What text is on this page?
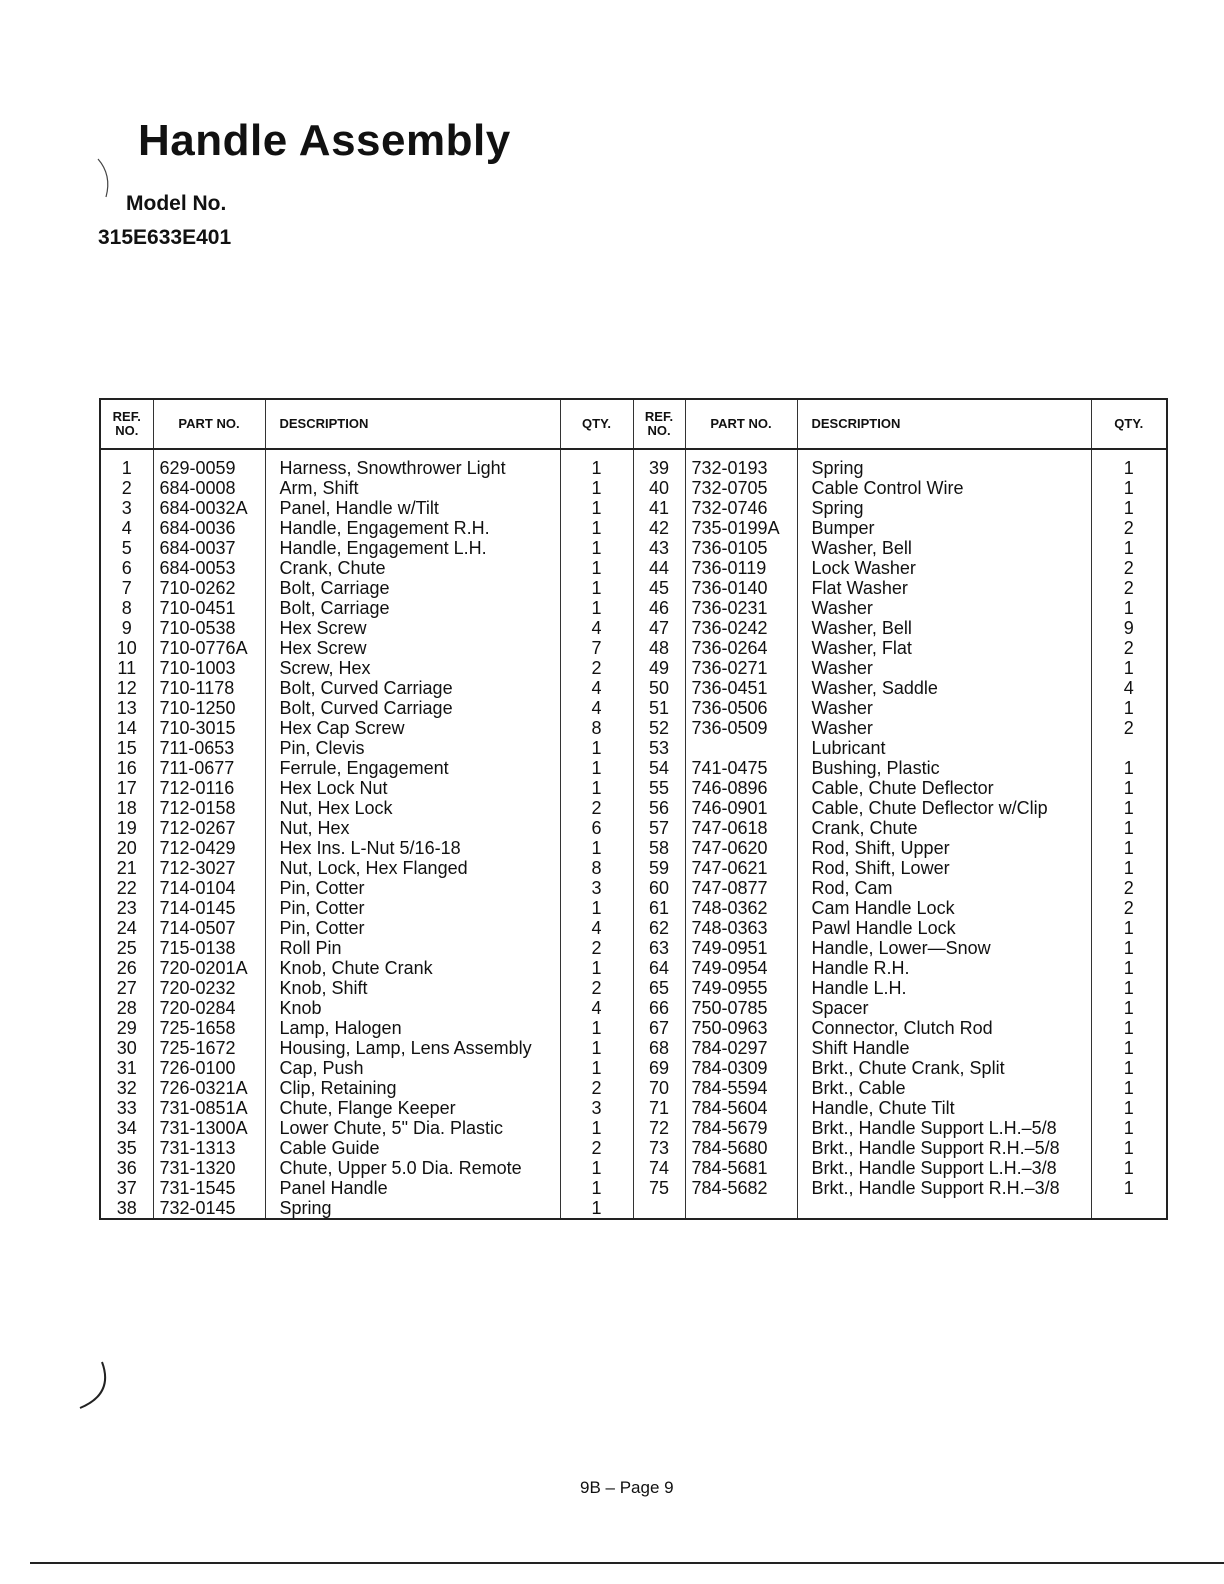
Handle Assembly
Model No.
315E633E401
REF. NO.	PART NO.	DESCRIPTION	QTY.	REF. NO.	PART NO.	DESCRIPTION	QTY.
1	629-0059	Harness, Snowthrower Light	1	39	732-0193	Spring	1
2	684-0008	Arm, Shift	1	40	732-0705	Cable Control Wire	1
3	684-0032A	Panel, Handle w/Tilt	1	41	732-0746	Spring	1
4	684-0036	Handle, Engagement R.H.	1	42	735-0199A	Bumper	2
5	684-0037	Handle, Engagement L.H.	1	43	736-0105	Washer, Bell	1
6	684-0053	Crank, Chute	1	44	736-0119	Lock Washer	2
7	710-0262	Bolt, Carriage	1	45	736-0140	Flat Washer	2
8	710-0451	Bolt, Carriage	1	46	736-0231	Washer	1
9	710-0538	Hex Screw	4	47	736-0242	Washer, Bell	9
10	710-0776A	Hex Screw	7	48	736-0264	Washer, Flat	2
11	710-1003	Screw, Hex	2	49	736-0271	Washer	1
12	710-1178	Bolt, Curved Carriage	4	50	736-0451	Washer, Saddle	4
13	710-1250	Bolt, Curved Carriage	4	51	736-0506	Washer	1
14	710-3015	Hex Cap Screw	8	52	736-0509	Washer	2
15	711-0653	Pin, Clevis	1	53		Lubricant	
16	711-0677	Ferrule, Engagement	1	54	741-0475	Bushing, Plastic	1
17	712-0116	Hex Lock Nut	1	55	746-0896	Cable, Chute Deflector	1
18	712-0158	Nut, Hex Lock	2	56	746-0901	Cable, Chute Deflector w/Clip	1
19	712-0267	Nut, Hex	6	57	747-0618	Crank, Chute	1
20	712-0429	Hex Ins. L-Nut 5/16-18	1	58	747-0620	Rod, Shift, Upper	1
21	712-3027	Nut, Lock, Hex Flanged	8	59	747-0621	Rod, Shift, Lower	1
22	714-0104	Pin, Cotter	3	60	747-0877	Rod, Cam	2
23	714-0145	Pin, Cotter	1	61	748-0362	Cam Handle Lock	2
24	714-0507	Pin, Cotter	4	62	748-0363	Pawl Handle Lock	1
25	715-0138	Roll Pin	2	63	749-0951	Handle, Lower—Snow	1
26	720-0201A	Knob, Chute Crank	1	64	749-0954	Handle R.H.	1
27	720-0232	Knob, Shift	2	65	749-0955	Handle L.H.	1
28	720-0284	Knob	4	66	750-0785	Spacer	1
29	725-1658	Lamp, Halogen	1	67	750-0963	Connector, Clutch Rod	1
30	725-1672	Housing, Lamp, Lens Assembly	1	68	784-0297	Shift Handle	1
31	726-0100	Cap, Push	1	69	784-0309	Brkt., Chute Crank, Split	1
32	726-0321A	Clip, Retaining	2	70	784-5594	Brkt., Cable	1
33	731-0851A	Chute, Flange Keeper	3	71	784-5604	Handle, Chute Tilt	1
34	731-1300A	Lower Chute, 5" Dia. Plastic	1	72	784-5679	Brkt., Handle Support L.H.–5/8	1
35	731-1313	Cable Guide	2	73	784-5680	Brkt., Handle Support R.H.–5/8	1
36	731-1320	Chute, Upper 5.0 Dia. Remote	1	74	784-5681	Brkt., Handle Support L.H.–3/8	1
37	731-1545	Panel Handle	1	75	784-5682	Brkt., Handle Support R.H.–3/8	1
38	732-0145	Spring	1				
9B – Page 9
